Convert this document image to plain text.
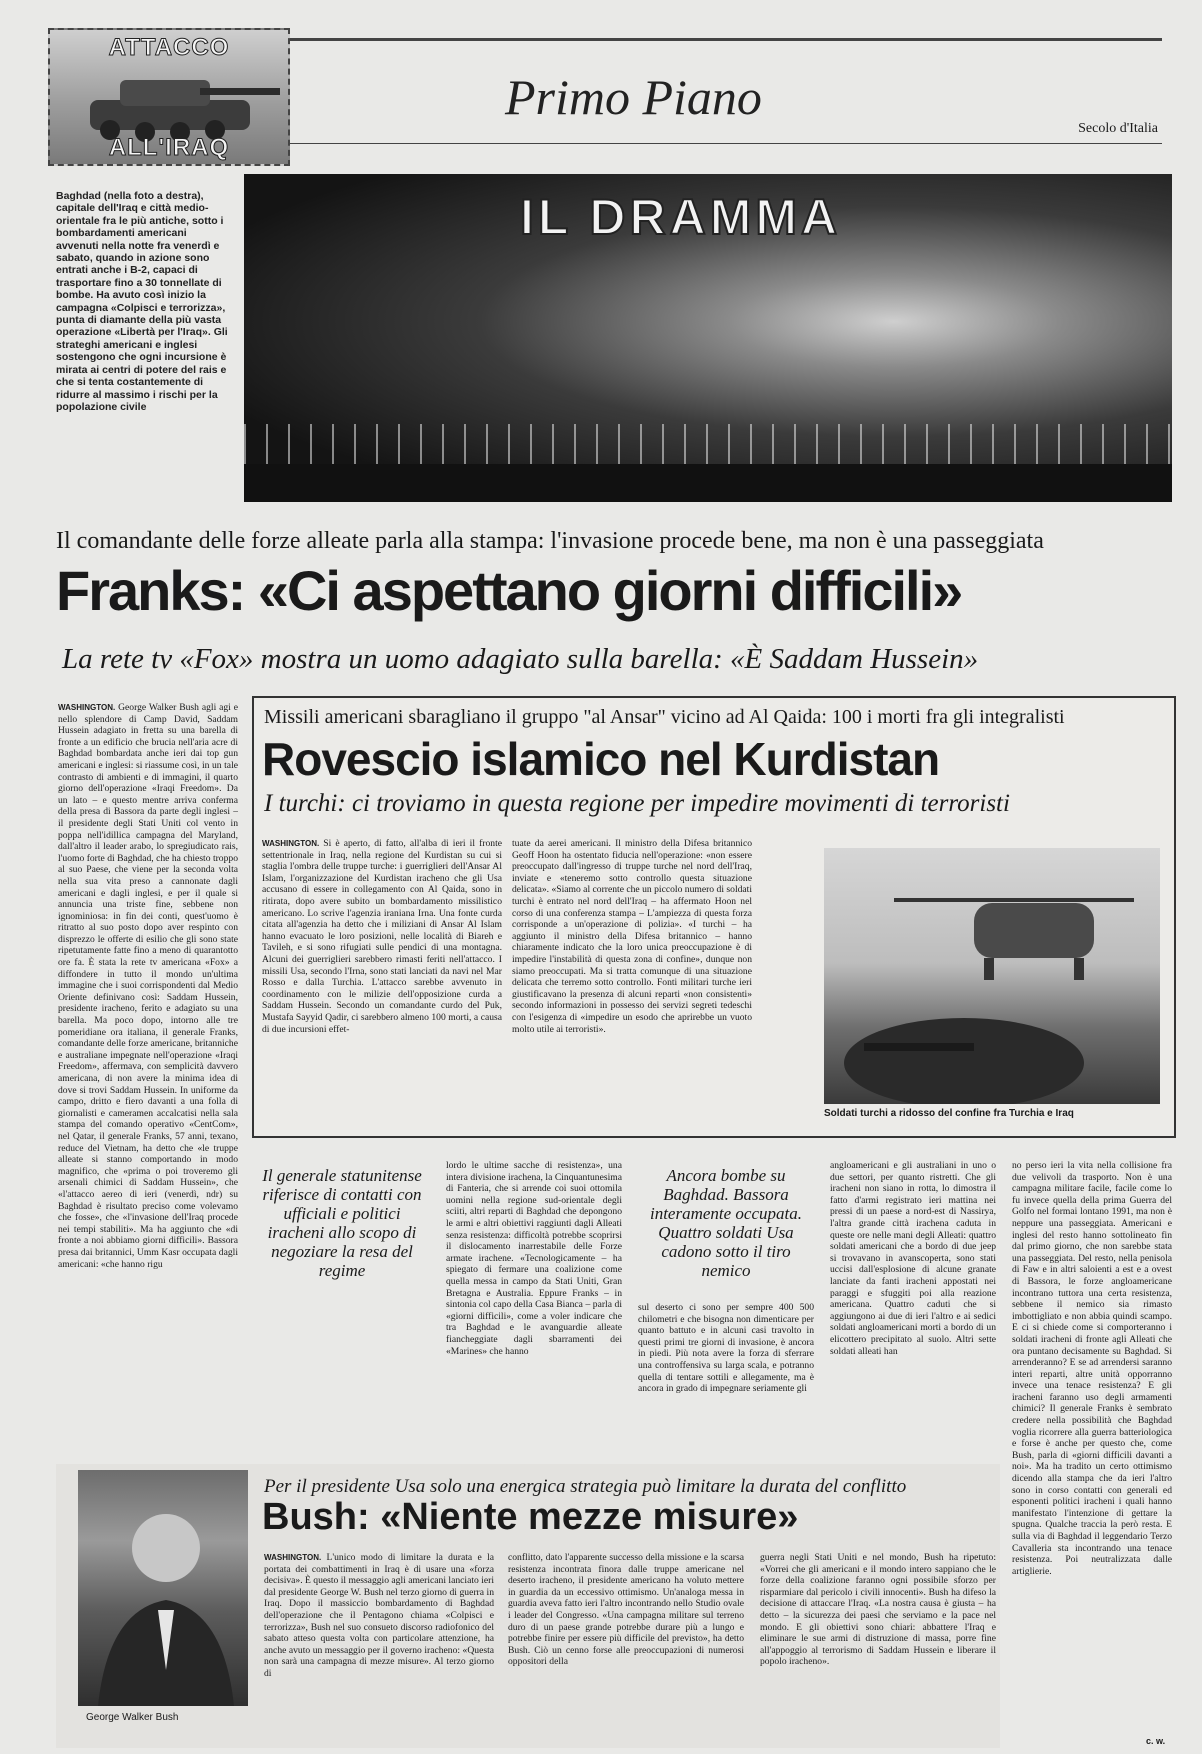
ATTACCO
ALL'IRAQ
Primo Piano
Secolo d'Italia
Baghdad (nella foto a destra), capitale dell'Iraq e città medio-orientale fra le più antiche, sotto i bombardamenti americani avvenuti nella notte fra venerdì e sabato, quando in azione sono entrati anche i B-2, capaci di trasportare fino a 30 tonnellate di bombe. Ha avuto così inizio la campagna «Colpisci e terrorizza», punta di diamante della più vasta operazione «Libertà per l'Iraq». Gli strateghi americani e inglesi sostengono che ogni incursione è mirata ai centri di potere del rais e che si tenta costantemente di ridurre al massimo i rischi per la popolazione civile
IL DRAMMA
Il comandante delle forze alleate parla alla stampa: l'invasione procede bene, ma non è una passeggiata
Franks: «Ci aspettano giorni difficili»
La rete tv «Fox» mostra un uomo adagiato sulla barella: «È Saddam Hussein»
WASHINGTON. George Walker Bush agli agi e nello splendore di Camp David, Saddam Hussein adagiato in fretta su una barella di fronte a un edificio che brucia nell'aria acre di Baghdad bombardata anche ieri dai top gun americani e inglesi: si riassume così, in un tale contrasto di ambienti e di immagini, il quarto giorno dell'operazione «Iraqi Freedom». Da un lato – e questo mentre arriva conferma della presa di Bassora da parte degli inglesi – il presidente degli Stati Uniti col vento in poppa nell'idillica campagna del Maryland, dall'altro il leader arabo, lo spregiudicato rais, l'uomo forte di Baghdad, che ha chiesto troppo al suo Paese, che viene per la seconda volta nella sua vita preso a cannonate dagli americani e dagli inglesi, e per il quale si annuncia una triste fine, sebbene non ignominiosa: in fin dei conti, quest'uomo è ritratto al suo posto dopo aver respinto con disprezzo le offerte di esilio che gli sono state ripetutamente fatte fino a meno di quarantotto ore fa. È stata la rete tv americana «Fox» a diffondere in tutto il mondo un'ultima immagine che i suoi corrispondenti dal Medio Oriente definivano così: Saddam Hussein, presidente iracheno, ferito e adagiato su una barella. Ma poco dopo, intorno alle tre pomeridiane ora italiana, il generale Franks, comandante delle forze americane, britanniche e australiane impegnate nell'operazione «Iraqi Freedom», affermava, con semplicità davvero americana, di non avere la minima idea di dove si trovi Saddam Hussein. In uniforme da campo, dritto e fiero davanti a una folla di giornalisti e cameramen accalcatisi nella sala stampa del comando operativo «CentCom», nel Qatar, il generale Franks, 57 anni, texano, reduce del Vietnam, ha detto che «le truppe alleate si stanno comportando in modo magnifico, che «prima o poi troveremo gli arsenali chimici di Saddam Hussein», che «l'attacco aereo di ieri (venerdì, ndr) su Baghdad è risultato preciso come volevamo che fosse», che «l'invasione dell'Iraq procede nei tempi stabiliti». Ma ha aggiunto che «di fronte a noi abbiamo giorni difficili». Bassora presa dai britannici, Umm Kasr occupata dagli americani: «che hanno rigu
Missili americani sbaragliano il gruppo "al Ansar" vicino ad Al Qaida: 100 i morti fra gli integralisti
Rovescio islamico nel Kurdistan
I turchi: ci troviamo in questa regione per impedire movimenti di terroristi
WASHINGTON. Si è aperto, di fatto, all'alba di ieri il fronte settentrionale in Iraq, nella regione del Kurdistan su cui si staglia l'ombra delle truppe turche: i guerriglieri dell'Ansar Al Islam, l'organizzazione del Kurdistan iracheno che gli Usa accusano di essere in collegamento con Al Qaida, sono in ritirata, dopo avere subito un bombardamento missilistico americano. Lo scrive l'agenzia iraniana Irna. Una fonte curda citata all'agenzia ha detto che i miliziani di Ansar Al Islam hanno evacuato le loro posizioni, nelle località di Biareh e Tavileh, e si sono rifugiati sulle pendici di una montagna. Alcuni dei guerriglieri sarebbero rimasti feriti nell'attacco. I missili Usa, secondo l'Irna, sono stati lanciati da navi nel Mar Rosso e dalla Turchia. L'attacco sarebbe avvenuto in coordinamento con le milizie dell'opposizione curda a Saddam Hussein. Secondo un comandante curdo del Puk, Mustafa Sayyid Qadir, ci sarebbero almeno 100 morti, a causa di due incursioni effet-
tuate da aerei americani. Il ministro della Difesa britannico Geoff Hoon ha ostentato fiducia nell'operazione: «non essere preoccupato dall'ingresso di truppe turche nel nord dell'Iraq, inviate e «teneremo sotto controllo questa situazione delicata». «Siamo al corrente che un piccolo numero di soldati turchi è entrato nel nord dell'Iraq – ha affermato Hoon nel corso di una conferenza stampa – L'ampiezza di questa forza corrisponde a un'operazione di polizia». «I turchi – ha aggiunto il ministro della Difesa britannico – hanno chiaramente indicato che la loro unica preoccupazione è di impedire l'instabilità di questa zona di confine», dunque non siamo preoccupati. Ma si tratta comunque di una situazione delicata che terremo sotto controllo. Fonti militari turche ieri giustificavano la presenza di alcuni reparti «non consistenti» secondo informazioni in possesso dei servizi segreti tedeschi con l'esigenza di «impedire un esodo che aprirebbe un vuoto molto utile ai terroristi».
Soldati turchi a ridosso del confine fra Turchia e Iraq
Il generale statunitense riferisce di contatti con ufficiali e politici iracheni allo scopo di negoziare la resa del regime
lordo le ultime sacche di resistenza», una intera divisione irachena, la Cinquantunesima di Fanteria, che si arrende coi suoi ottomila uomini nella regione sud-orientale degli sciiti, altri reparti di Baghdad che depongono le armi e altri obiettivi raggiunti dagli Alleati senza resistenza: difficoltà potrebbe scoprirsi il dislocamento inarrestabile delle Forze armate irachene. «Tecnologicamente – ha spiegato di fermare una coalizione come quella messa in campo da Stati Uniti, Gran Bretagna e Australia. Eppure Franks – in sintonia col capo della Casa Bianca – parla di «giorni difficili», come a voler indicare che tra Baghdad e le avanguardie alleate fiancheggiate dagli sbarramenti dei «Marines» che hanno
Ancora bombe su Baghdad. Bassora interamente occupata. Quattro soldati Usa cadono sotto il tiro nemico
sul deserto ci sono per sempre 400 500 chilometri e che bisogna non dimenticare per quanto battuto e in alcuni casi travolto in questi primi tre giorni di invasione, è ancora in piedi. Più nota avere la forza di sferrare una controffensiva su larga scala, e potranno quella di tentare sottili e allegamente, ma è ancora in grado di impegnare seriamente gli
angloamericani e gli australiani in uno o due settori, per quanto ristretti. Che gli iracheni non siano in rotta, lo dimostra il fatto d'armi registrato ieri mattina nei pressi di un paese a nord-est di Nassirya, l'altra grande città irachena caduta in queste ore nelle mani degli Alleati: quattro soldati americani che a bordo di due jeep si trovavano in avanscoperta, sono stati uccisi dall'esplosione di alcune granate lanciate da fanti iracheni appostati nei paraggi e sfuggiti poi alla reazione americana. Quattro caduti che si aggiungono ai due di ieri l'altro e ai sedici soldati angloamericani morti a bordo di un elicottero precipitato al suolo. Altri sette soldati alleati han
no perso ieri la vita nella collisione fra due velivoli da trasporto. Non è una campagna militare facile, facile come lo fu invece quella della prima Guerra del Golfo nel formai lontano 1991, ma non è neppure una passeggiata. Americani e inglesi del resto hanno sottolineato fin dal primo giorno, che non sarebbe stata una passeggiata. Del resto, nella penisola di Faw e in altri saloienti a est e a ovest di Bassora, le forze angloamericane incontrano tuttora una certa resistenza, sebbene il nemico sia rimasto imbottigliato e non abbia quindi scampo. E ci si chiede come si comporteranno i soldati iracheni di fronte agli Alleati che ora puntano decisamente su Baghdad. Si arrenderanno? E se ad arrendersi saranno interi reparti, altre unità opporranno invece una tenace resistenza? E gli iracheni faranno uso degli armamenti chimici? Il generale Franks è sembrato credere nella possibilità che Baghdad voglia ricorrere alla guerra batteriologica e forse è anche per questo che, come Bush, parla di «giorni difficili davanti a noi». Ma ha tradito un certo ottimismo dicendo alla stampa che da ieri l'altro sono in corso contatti con generali ed esponenti politici iracheni i quali hanno manifestato l'intenzione di gettare la spugna. Qualche traccia la però resta. E sulla via di Baghdad il leggendario Terzo Cavalleria sta incontrando una tenace resistenza. Poi neutralizzata dalle artiglierie.
George Walker Bush
Per il presidente Usa solo una energica strategia può limitare la durata del conflitto
Bush: «Niente mezze misure»
WASHINGTON. L'unico modo di limitare la durata e la portata dei combattimenti in Iraq è di usare una «forza decisiva». È questo il messaggio agli americani lanciato ieri dal presidente George W. Bush nel terzo giorno di guerra in Iraq. Dopo il massiccio bombardamento di Baghdad dell'operazione che il Pentagono chiama «Colpisci e terrorizza», Bush nel suo consueto discorso radiofonico del sabato atteso questa volta con particolare attenzione, ha anche avuto un messaggio per il governo iracheno: «Questa non sarà una campagna di mezze misure». Al terzo giorno di
conflitto, dato l'apparente successo della missione e la scarsa resistenza incontrata finora dalle truppe americane nel deserto iracheno, il presidente americano ha voluto mettere in guardia da un eccessivo ottimismo. Un'analoga messa in guardia aveva fatto ieri l'altro incontrando nello Studio ovale i leader del Congresso. «Una campagna militare sul terreno duro di un paese grande potrebbe durare più a lungo e potrebbe finire per essere più difficile del previsto», ha detto Bush. Ciò un cenno forse alle preoccupazioni di numerosi oppositori della
guerra negli Stati Uniti e nel mondo, Bush ha ripetuto: «Vorrei che gli americani e il mondo intero sappiano che le forze della coalizione faranno ogni possibile sforzo per risparmiare dal pericolo i civili innocenti». Bush ha difeso la decisione di attaccare l'Iraq. «La nostra causa è giusta – ha detto – la sicurezza dei paesi che serviamo e la pace nel mondo. E gli obiettivi sono chiari: abbattere l'Iraq e eliminare le sue armi di distruzione di massa, porre fine all'appoggio al terrorismo di Saddam Hussein e liberare il popolo iracheno».
c. w.
